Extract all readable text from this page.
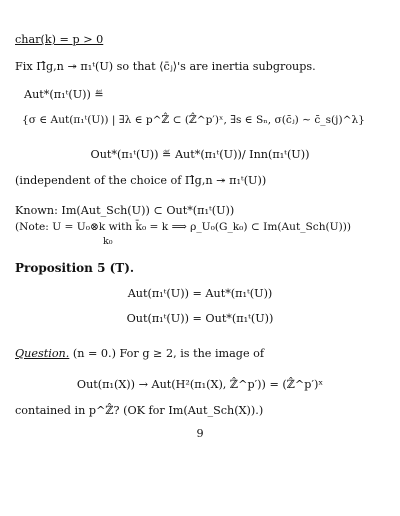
char(k) = p > 0
Fix Π̂g,n ↠ π₁ᵗ(U) so that ⟨c̄ⱼ⟩'s are inertia subgroups.
Aut*(π₁ᵗ(U)) ≝
{σ ∈ Aut(π₁ᵗ(U)) | ∃λ ∈ p^ℤ̂ ⊂ (ℤ̂^p′)ˣ, ∃s ∈ Sₙ, σ(c̄ⱼ) ∼ c̄_s(j)^λ}
Out*(π₁ᵗ(U)) ≝ Aut*(π₁ᵗ(U))/ Inn(π₁ᵗ(U))
(independent of the choice of Π̂g,n ↠ π₁ᵗ(U))
Known: Im(Aut_Sch(U)) ⊂ Out*(π₁ᵗ(U))
(Note: U = U₀⊗k with k̄₀ = k ⟹ ρ_U₀(G_k₀) ⊂ Im(Aut_Sch(U)))
k₀
Proposition 5 (T).
Aut(π₁ᵗ(U)) = Aut*(π₁ᵗ(U))
Out(π₁ᵗ(U)) = Out*(π₁ᵗ(U))
Question. (n = 0.) For g ≥ 2, is the image of
Out(π₁(X)) → Aut(H²(π₁(X), ℤ̂^p′)) = (ℤ̂^p′)ˣ
contained in p^ℤ̂? (OK for Im(Aut_Sch(X)).)
9
